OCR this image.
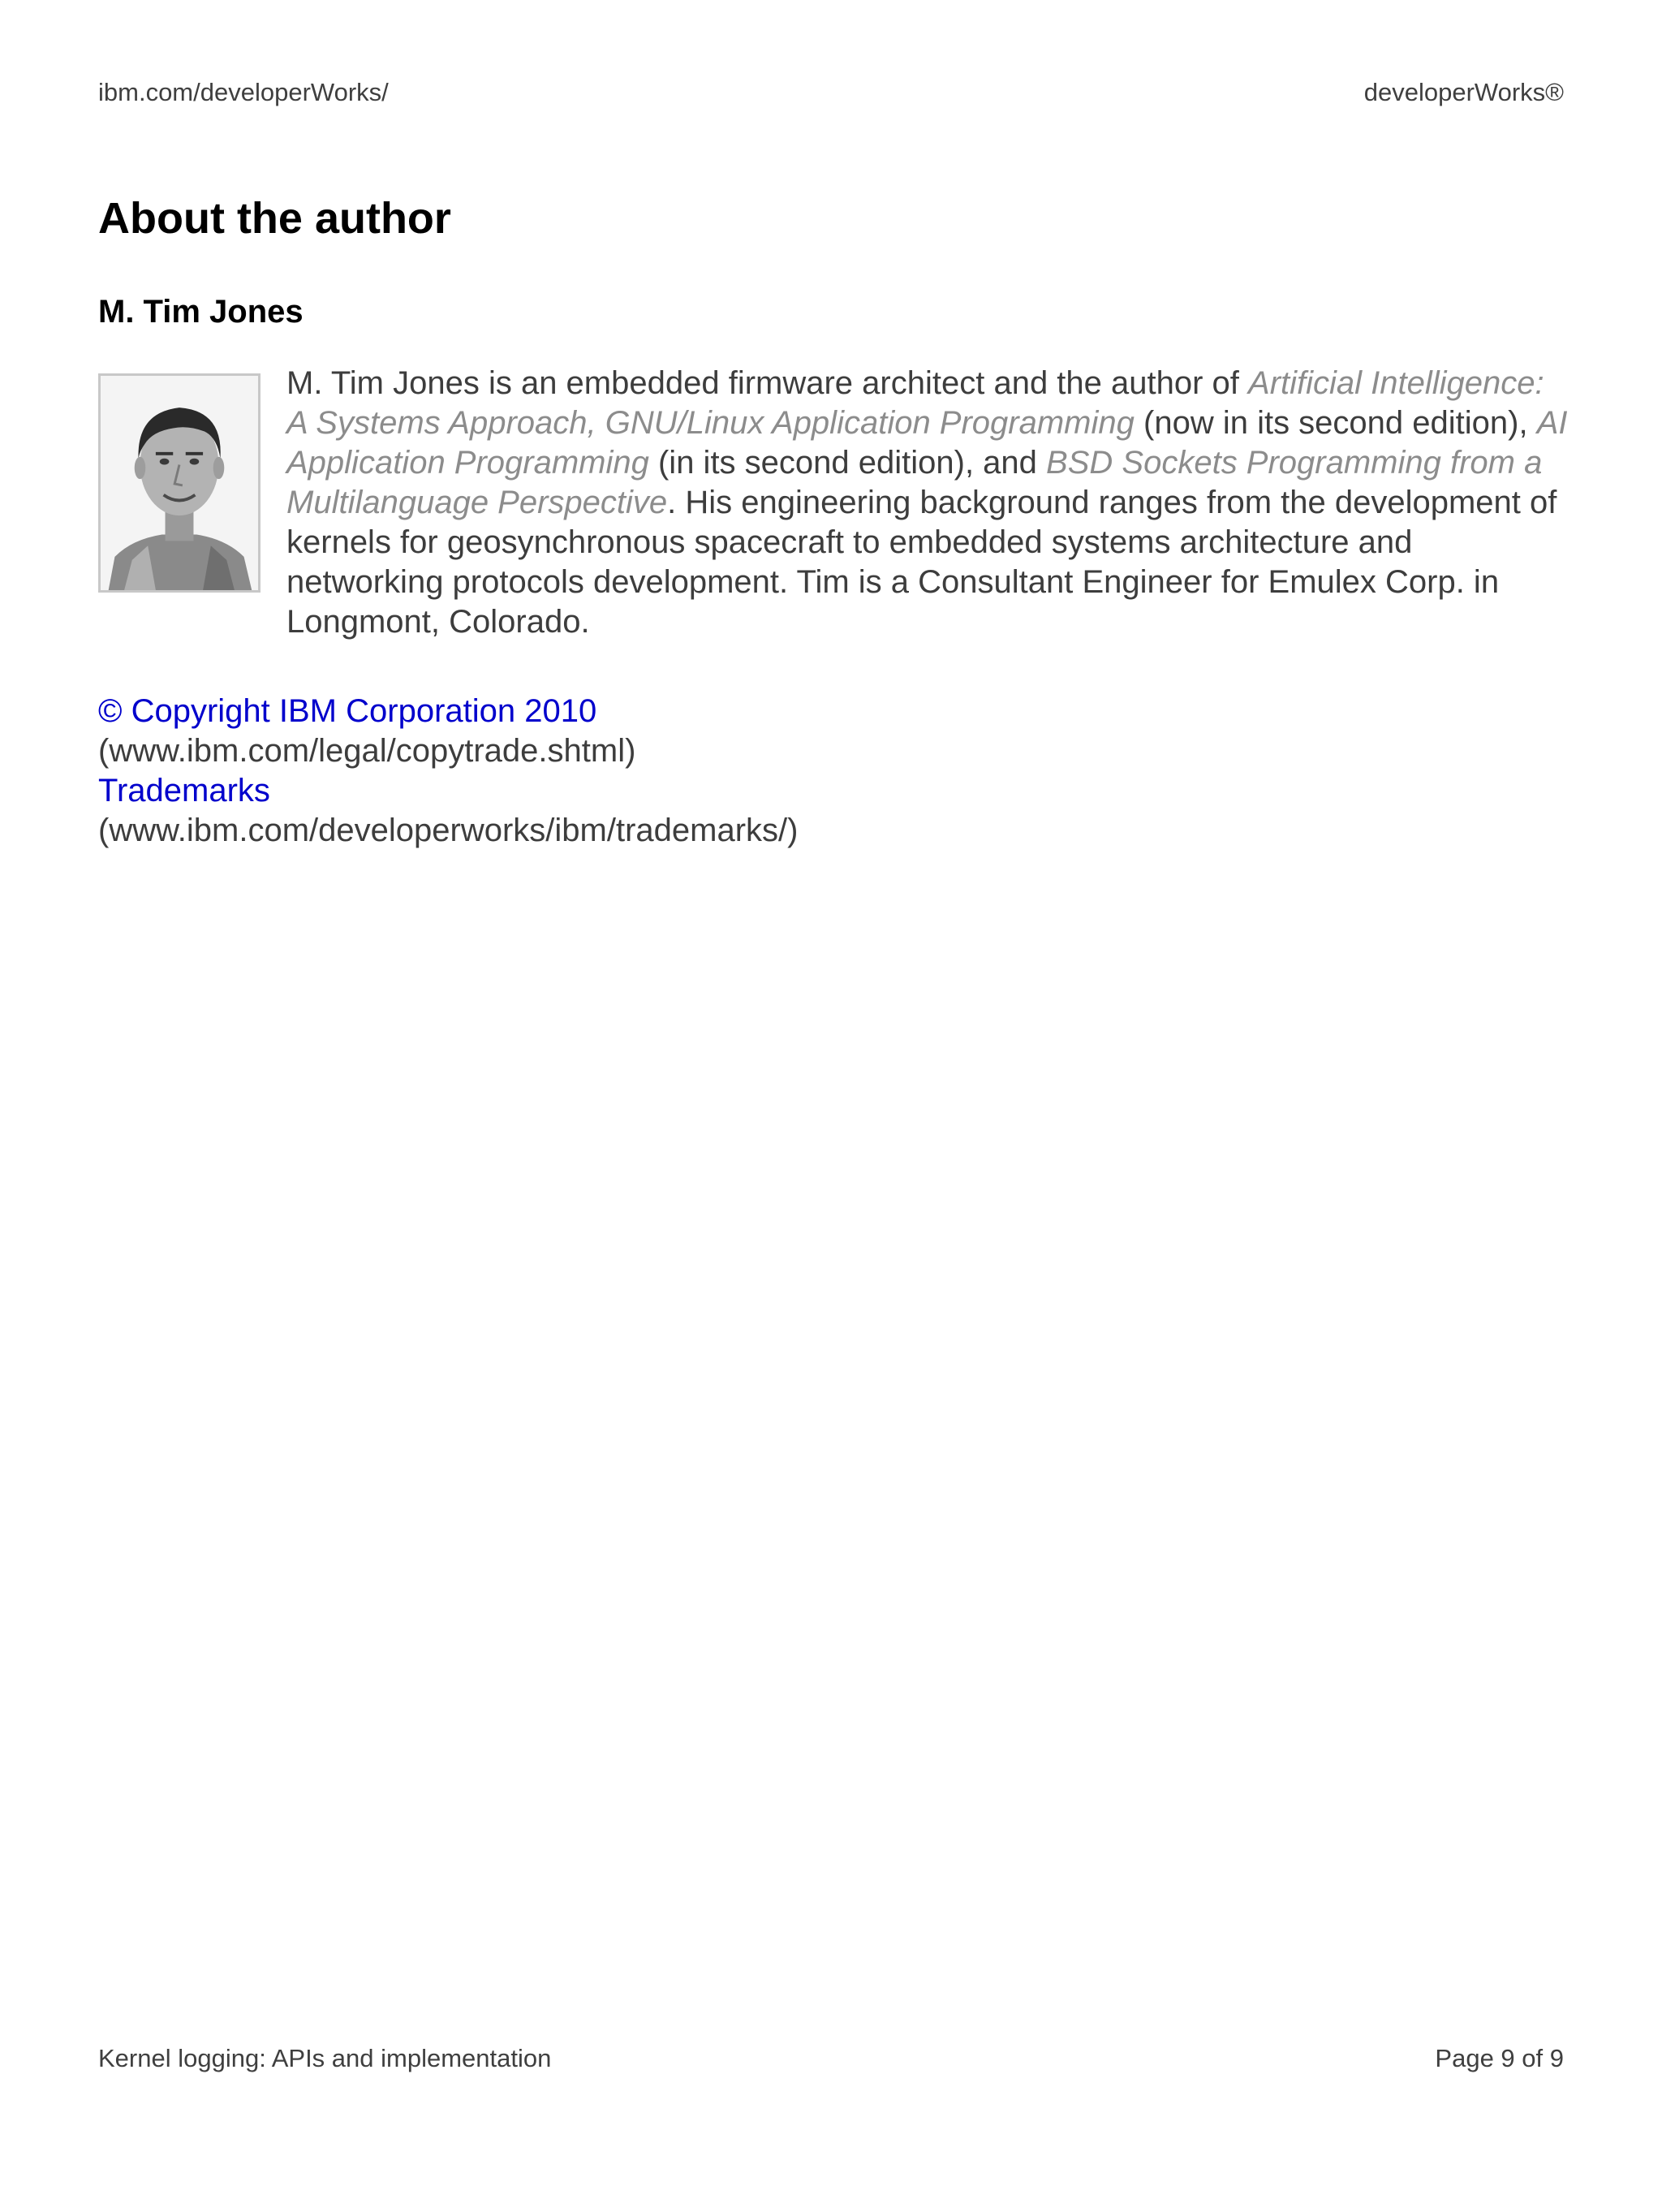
ibm.com/developerWorks/	developerWorks®
About the author
M. Tim Jones

M. Tim Jones is an embedded firmware architect and the author of Artificial Intelligence: A Systems Approach, GNU/Linux Application Programming (now in its second edition), AI Application Programming (in its second edition), and BSD Sockets Programming from a Multilanguage Perspective. His engineering background ranges from the development of kernels for geosynchronous spacecraft to embedded systems architecture and networking protocols development. Tim is a Consultant Engineer for Emulex Corp. in Longmont, Colorado.

© Copyright IBM Corporation 2010
(www.ibm.com/legal/copytrade.shtml)
Trademarks
(www.ibm.com/developerworks/ibm/trademarks/)
Kernel logging: APIs and implementation	Page 9 of 9
